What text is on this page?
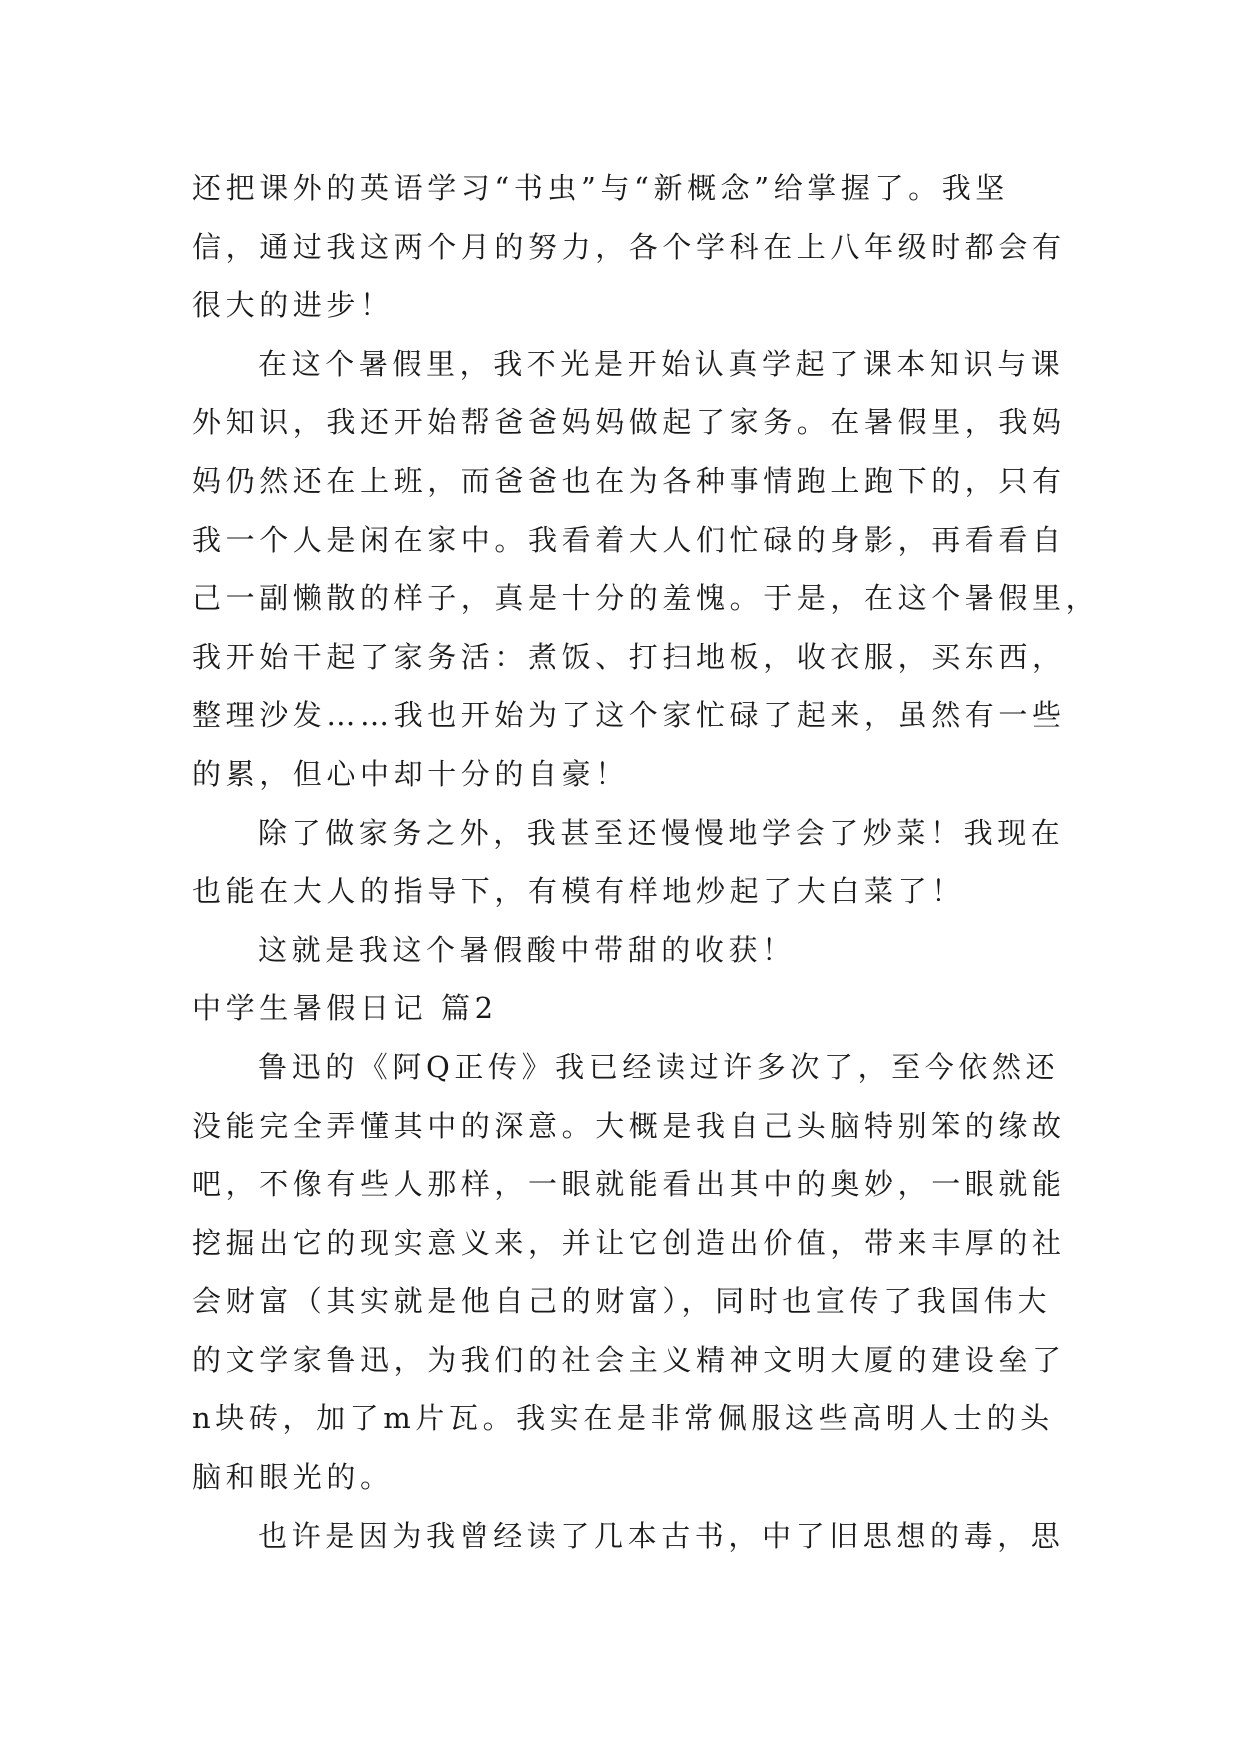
还把课外的英语学习“书虫”与“新概念”给掌握了。我坚
信，通过我这两个月的努力，各个学科在上八年级时都会有
很大的进步！
在这个暑假里，我不光是开始认真学起了课本知识与课
外知识，我还开始帮爸爸妈妈做起了家务。在暑假里，我妈
妈仍然还在上班，而爸爸也在为各种事情跑上跑下的，只有
我一个人是闲在家中。我看着大人们忙碌的身影，再看看自
己一副懒散的样子，真是十分的羞愧。于是，在这个暑假里，
我开始干起了家务活：煮饭、打扫地板，收衣服，买东西，
整理沙发……我也开始为了这个家忙碌了起来，虽然有一些
的累，但心中却十分的自豪！
除了做家务之外，我甚至还慢慢地学会了炒菜！我现在
也能在大人的指导下，有模有样地炒起了大白菜了！
这就是我这个暑假酸中带甜的收获！
中学生暑假日记 篇2
鲁迅的《阿Q正传》我已经读过许多次了，至今依然还
没能完全弄懂其中的深意。大概是我自己头脑特别笨的缘故
吧，不像有些人那样，一眼就能看出其中的奥妙，一眼就能
挖掘出它的现实意义来，并让它创造出价值，带来丰厚的社
会财富（其实就是他自己的财富），同时也宣传了我国伟大
的文学家鲁迅，为我们的社会主义精神文明大厦的建设垒了
n块砖，加了m片瓦。我实在是非常佩服这些高明人士的头
脑和眼光的。
也许是因为我曾经读了几本古书，中了旧思想的毒，思
